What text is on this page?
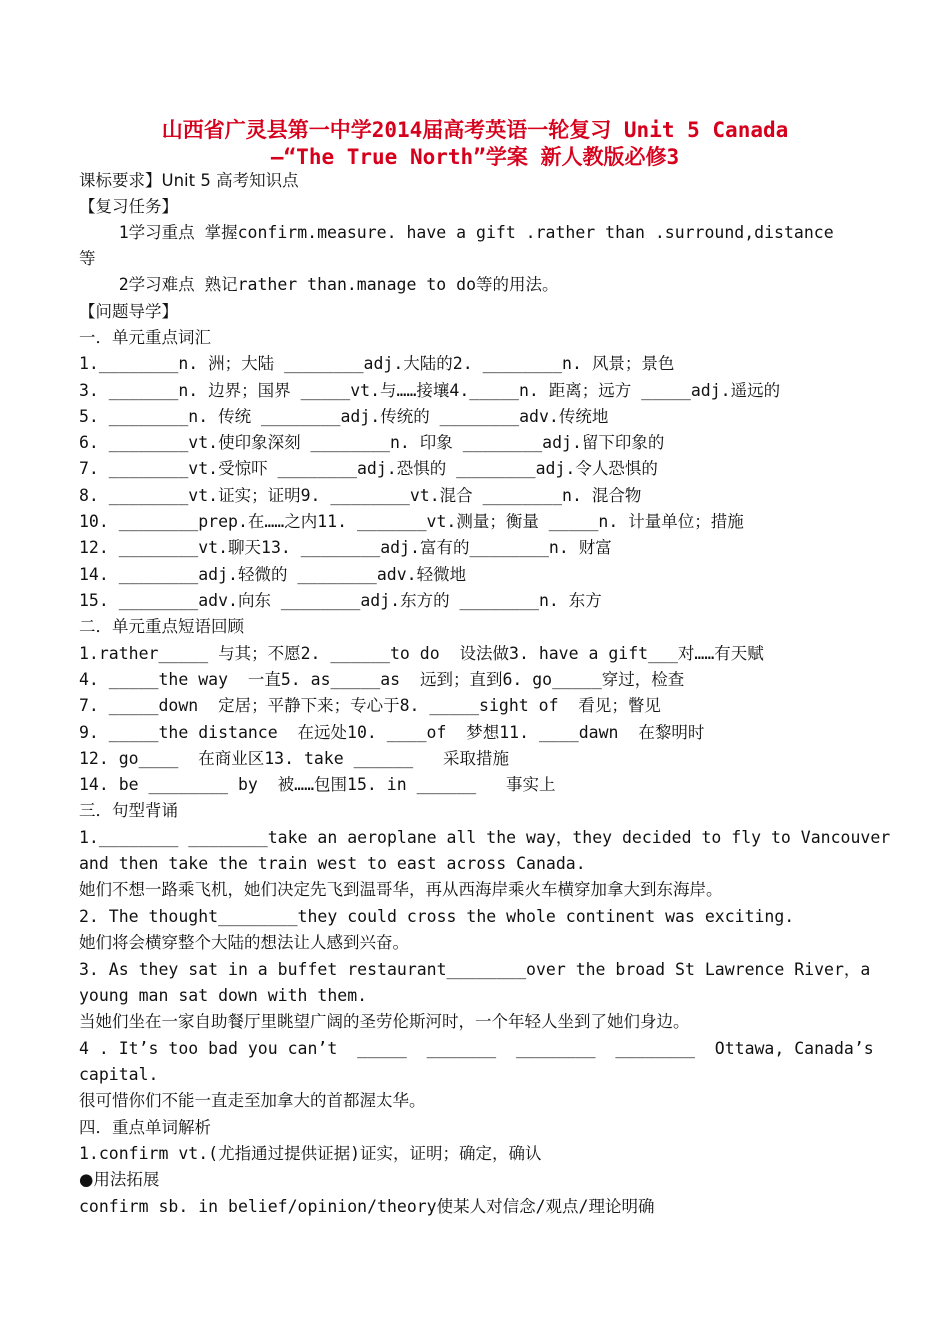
山西省广灵县第一中学2014届高考英语一轮复习 Unit 5 Canada
—“The True North”学案 新人教版必修3
课标要求】Unit 5 高考知识点
【复习任务】
1学习重点 掌握confirm.measure. have a gift .rather than .surround,distance
等
2学习难点 熟记rather than.manage to do等的用法。
【问题导学】
一．单元重点词汇
1.________n. 洲；大陆 ________adj.大陆的2. ________n. 风景；景色
3. _______n. 边界；国界 _____vt.与……接壤4._____n. 距离；远方 _____adj.遥远的
5. ________n. 传统 ________adj.传统的 ________adv.传统地
6. ________vt.使印象深刻 ________n. 印象 ________adj.留下印象的
7. ________vt.受惊吓 ________adj.恐惧的 ________adj.令人恐惧的
8. ________vt.证实；证明9. ________vt.混合 ________n. 混合物
10. ________prep.在……之内11. _______vt.测量；衡量 _____n. 计量单位；措施
12. ________vt.聊天13. ________adj.富有的________n. 财富
14. ________adj.轻微的 ________adv.轻微地
15. ________adv.向东 ________adj.东方的 ________n. 东方
二．单元重点短语回顾
1.rather_____ 与其；不愿2. ______to do  设法做3. have a gift___对……有天赋
4. _____the way  一直5. as_____as  远到；直到6. go_____穿过，检查
7. _____down  定居；平静下来；专心于8. _____sight of  看见；瞥见
9. _____the distance  在远处10. ____of  梦想11. ____dawn  在黎明时
12. go____  在商业区13. take ______   采取措施
14. be ________ by  被……包围15. in ______   事实上
三．句型背诵
1.________ ________take an aeroplane all the way，they decided to fly to Vancouver
and then take the train west to east across Canada.
她们不想一路乘飞机，她们决定先飞到温哥华，再从西海岸乘火车横穿加拿大到东海岸。
2. The thought________they could cross the whole continent was exciting.
她们将会横穿整个大陆的想法让人感到兴奋。
3. As they sat in a buffet restaurant________over the broad St Lawrence River，a
young man sat down with them.
当她们坐在一家自助餐厅里眺望广阔的圣劳伦斯河时，一个年轻人坐到了她们身边。
4 . It’s too bad you can’t  _____  _______  ________  ________  Ottawa, Canada’s
capital.
很可惜你们不能一直走至加拿大的首都渥太华。
四．重点单词解析
1.confirm vt.(尤指通过提供证据)证实，证明；确定，确认
●用法拓展
confirm sb. in belief/opinion/theory使某人对信念/观点/理论明确
